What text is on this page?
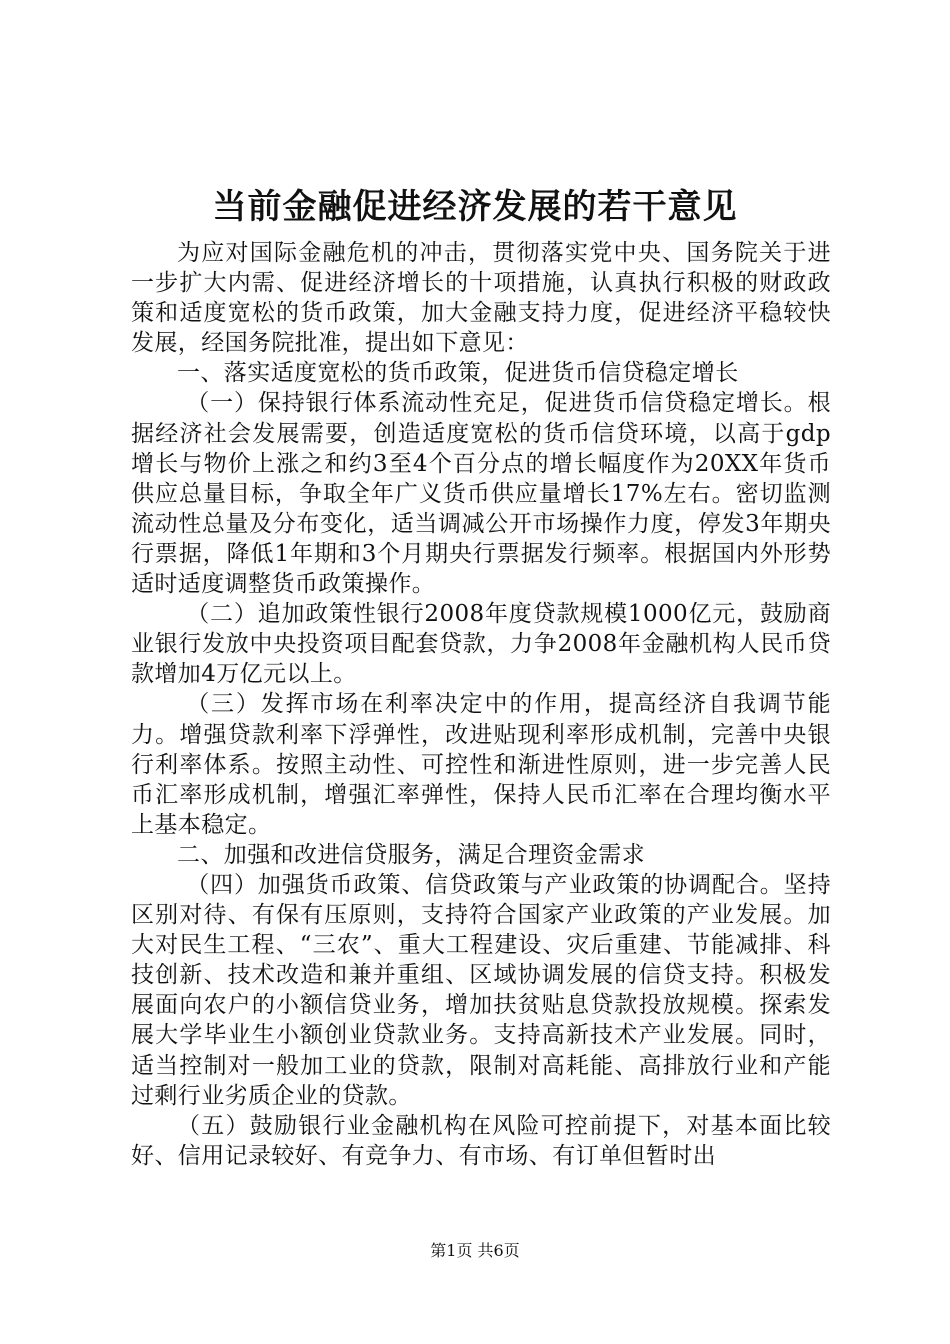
当前金融促进经济发展的若干意见

为应对国际金融危机的冲击，贯彻落实党中央、国务院关于进一步扩大内需、促进经济增长的十项措施，认真执行积极的财政政策和适度宽松的货币政策，加大金融支持力度，促进经济平稳较快发展，经国务院批准，提出如下意见：

一、落实适度宽松的货币政策，促进货币信贷稳定增长

（一）保持银行体系流动性充足，促进货币信贷稳定增长。根据经济社会发展需要，创造适度宽松的货币信贷环境，以高于gdp增长与物价上涨之和约3至4个百分点的增长幅度作为20XX年货币供应总量目标，争取全年广义货币供应量增长17%左右。密切监测流动性总量及分布变化，适当调减公开市场操作力度，停发3年期央行票据，降低1年期和3个月期央行票据发行频率。根据国内外形势适时适度调整货币政策操作。

（二）追加政策性银行2008年度贷款规模1000亿元，鼓励商业银行发放中央投资项目配套贷款，力争2008年金融机构人民币贷款增加4万亿元以上。

（三）发挥市场在利率决定中的作用，提高经济自我调节能力。增强贷款利率下浮弹性，改进贴现利率形成机制，完善中央银行利率体系。按照主动性、可控性和渐进性原则，进一步完善人民币汇率形成机制，增强汇率弹性，保持人民币汇率在合理均衡水平上基本稳定。

二、加强和改进信贷服务，满足合理资金需求

（四）加强货币政策、信贷政策与产业政策的协调配合。坚持区别对待、有保有压原则，支持符合国家产业政策的产业发展。加大对民生工程、“三农”、重大工程建设、灾后重建、节能减排、科技创新、技术改造和兼并重组、区域协调发展的信贷支持。积极发展面向农户的小额信贷业务，增加扶贫贴息贷款投放规模。探索发展大学毕业生小额创业贷款业务。支持高新技术产业发展。同时，适当控制对一般加工业的贷款，限制对高耗能、高排放行业和产能过剩行业劣质企业的贷款。

（五）鼓励银行业金融机构在风险可控前提下，对基本面比较好、信用记录较好、有竞争力、有市场、有订单但暂时出

第1页 共6页
